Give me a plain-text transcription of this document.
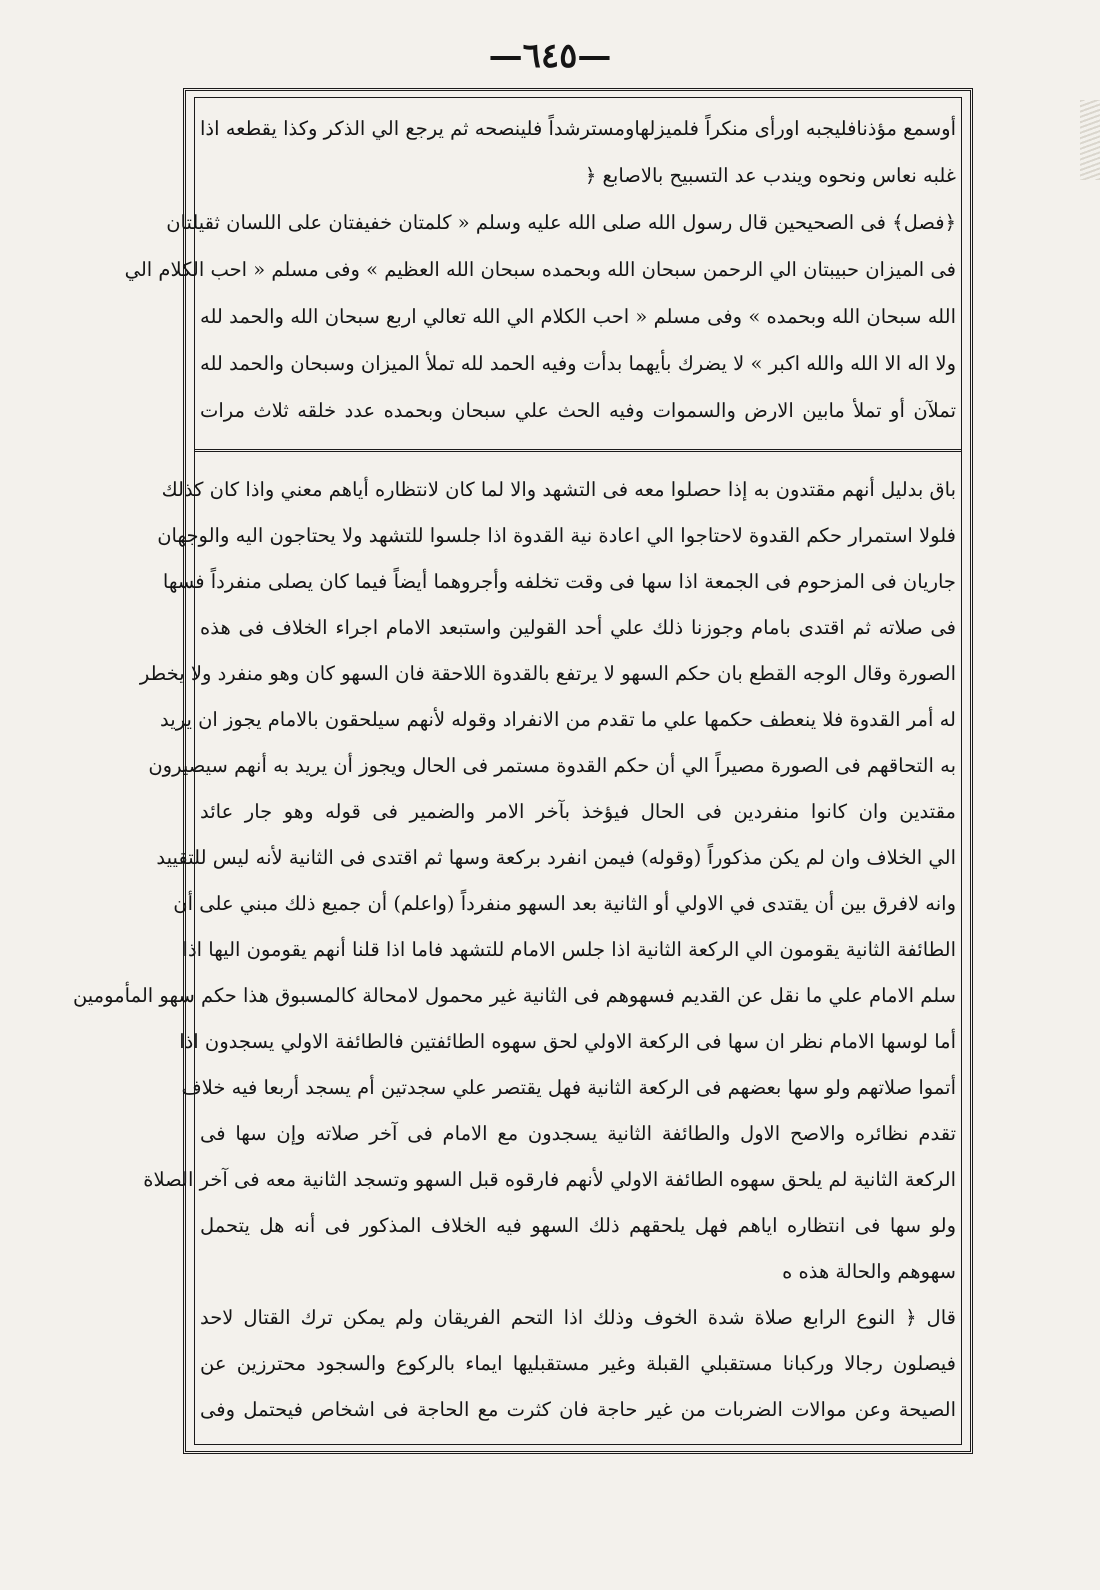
—٦٤٥—
أوسمع مؤذنافليجبه اورأى منكراً فلميزلهاومسترشداً فلينصحه ثم يرجع الي الذكر وكذا يقطعه اذا
غلبه نعاس ونحوه ويندب عد التسبيح بالاصابع ﴿
﴿فصل﴾ فى الصحيحين قال رسول الله صلى الله عليه وسلم « كلمتان خفيفتان على اللسان ثقيلتان
فى الميزان حبيبتان الي الرحمن سبحان الله وبحمده سبحان الله العظيم » وفى مسلم « احب الكلام الي
الله سبحان الله وبحمده » وفى مسلم « احب الكلام الي الله تعالي اربع سبحان الله والحمد لله
ولا اله الا الله والله اكبر » لا يضرك بأيهما بدأت وفيه الحمد لله تملأ الميزان وسبحان والحمد لله
تملآن أو تملأ مابين الارض والسموات وفيه الحث علي سبحان وبحمده عدد خلقه ثلاث مرات
باق بدليل أنهم مقتدون به إذا حصلوا معه فى التشهد والا لما كان لانتظاره أياهم معني واذا كان كذلك
فلولا استمرار حكم القدوة لاحتاجوا الي اعادة نية القدوة اذا جلسوا للتشهد ولا يحتاجون اليه والوجهان
جاريان فى المزحوم فى الجمعة اذا سها فى وقت تخلفه وأجروهما أيضاً فيما كان يصلى منفرداً فسها
فى صلاته ثم اقتدى بامام وجوزنا ذلك علي أحد القولين واستبعد الامام اجراء الخلاف فى هذه
الصورة وقال الوجه القطع بان حكم السهو لا يرتفع بالقدوة اللاحقة فان السهو كان وهو منفرد ولا يخطر
له أمر القدوة فلا ينعطف حكمها علي ما تقدم من الانفراد وقوله لأنهم سيلحقون بالامام يجوز ان يريد
به التحاقهم فى الصورة مصيراً الي أن حكم القدوة مستمر فى الحال ويجوز أن يريد به أنهم سيصيرون
مقتدين وان كانوا منفردين فى الحال فيؤخذ بآخر الامر والضمير فى قوله وهو جار عائد
الي الخلاف وان لم يكن مذكوراً (وقوله) فيمن انفرد بركعة وسها ثم اقتدى فى الثانية لأنه ليس للتقييد
وانه لافرق بين أن يقتدى في الاولي أو الثانية بعد السهو منفرداً (واعلم) أن جميع ذلك مبني على أن
الطائفة الثانية يقومون الي الركعة الثانية اذا جلس الامام للتشهد فاما اذا قلنا أنهم يقومون اليها اذا
سلم الامام علي ما نقل عن القديم فسهوهم فى الثانية غير محمول لامحالة كالمسبوق هذا حكم سهو المأمومين
أما لوسها الامام نظر ان سها فى الركعة الاولي لحق سهوه الطائفتين فالطائفة الاولي يسجدون اذا
أتموا صلاتهم ولو سها بعضهم فى الركعة الثانية فهل يقتصر علي سجدتين أم يسجد أربعا فيه خلاف
تقدم نظائره والاصح الاول والطائفة الثانية يسجدون مع الامام فى آخر صلاته وإن سها فى
الركعة الثانية لم يلحق سهوه الطائفة الاولي لأنهم فارقوه قبل السهو وتسجد الثانية معه فى آخر الصلاة
ولو سها فى انتظاره اياهم فهل يلحقهم ذلك السهو فيه الخلاف المذكور فى أنه هل يتحمل
سهوهم والحالة هذه ه
قال ﴿ النوع الرابع صلاة شدة الخوف وذلك اذا التحم الفريقان ولم يمكن ترك القتال لاحد
فيصلون رجالا وركبانا مستقبلي القبلة وغير مستقبليها ايماء بالركوع والسجود محترزين عن
الصيحة وعن موالات الضربات من غير حاجة فان كثرت مع الحاجة فى اشخاص فيحتمل وفى
